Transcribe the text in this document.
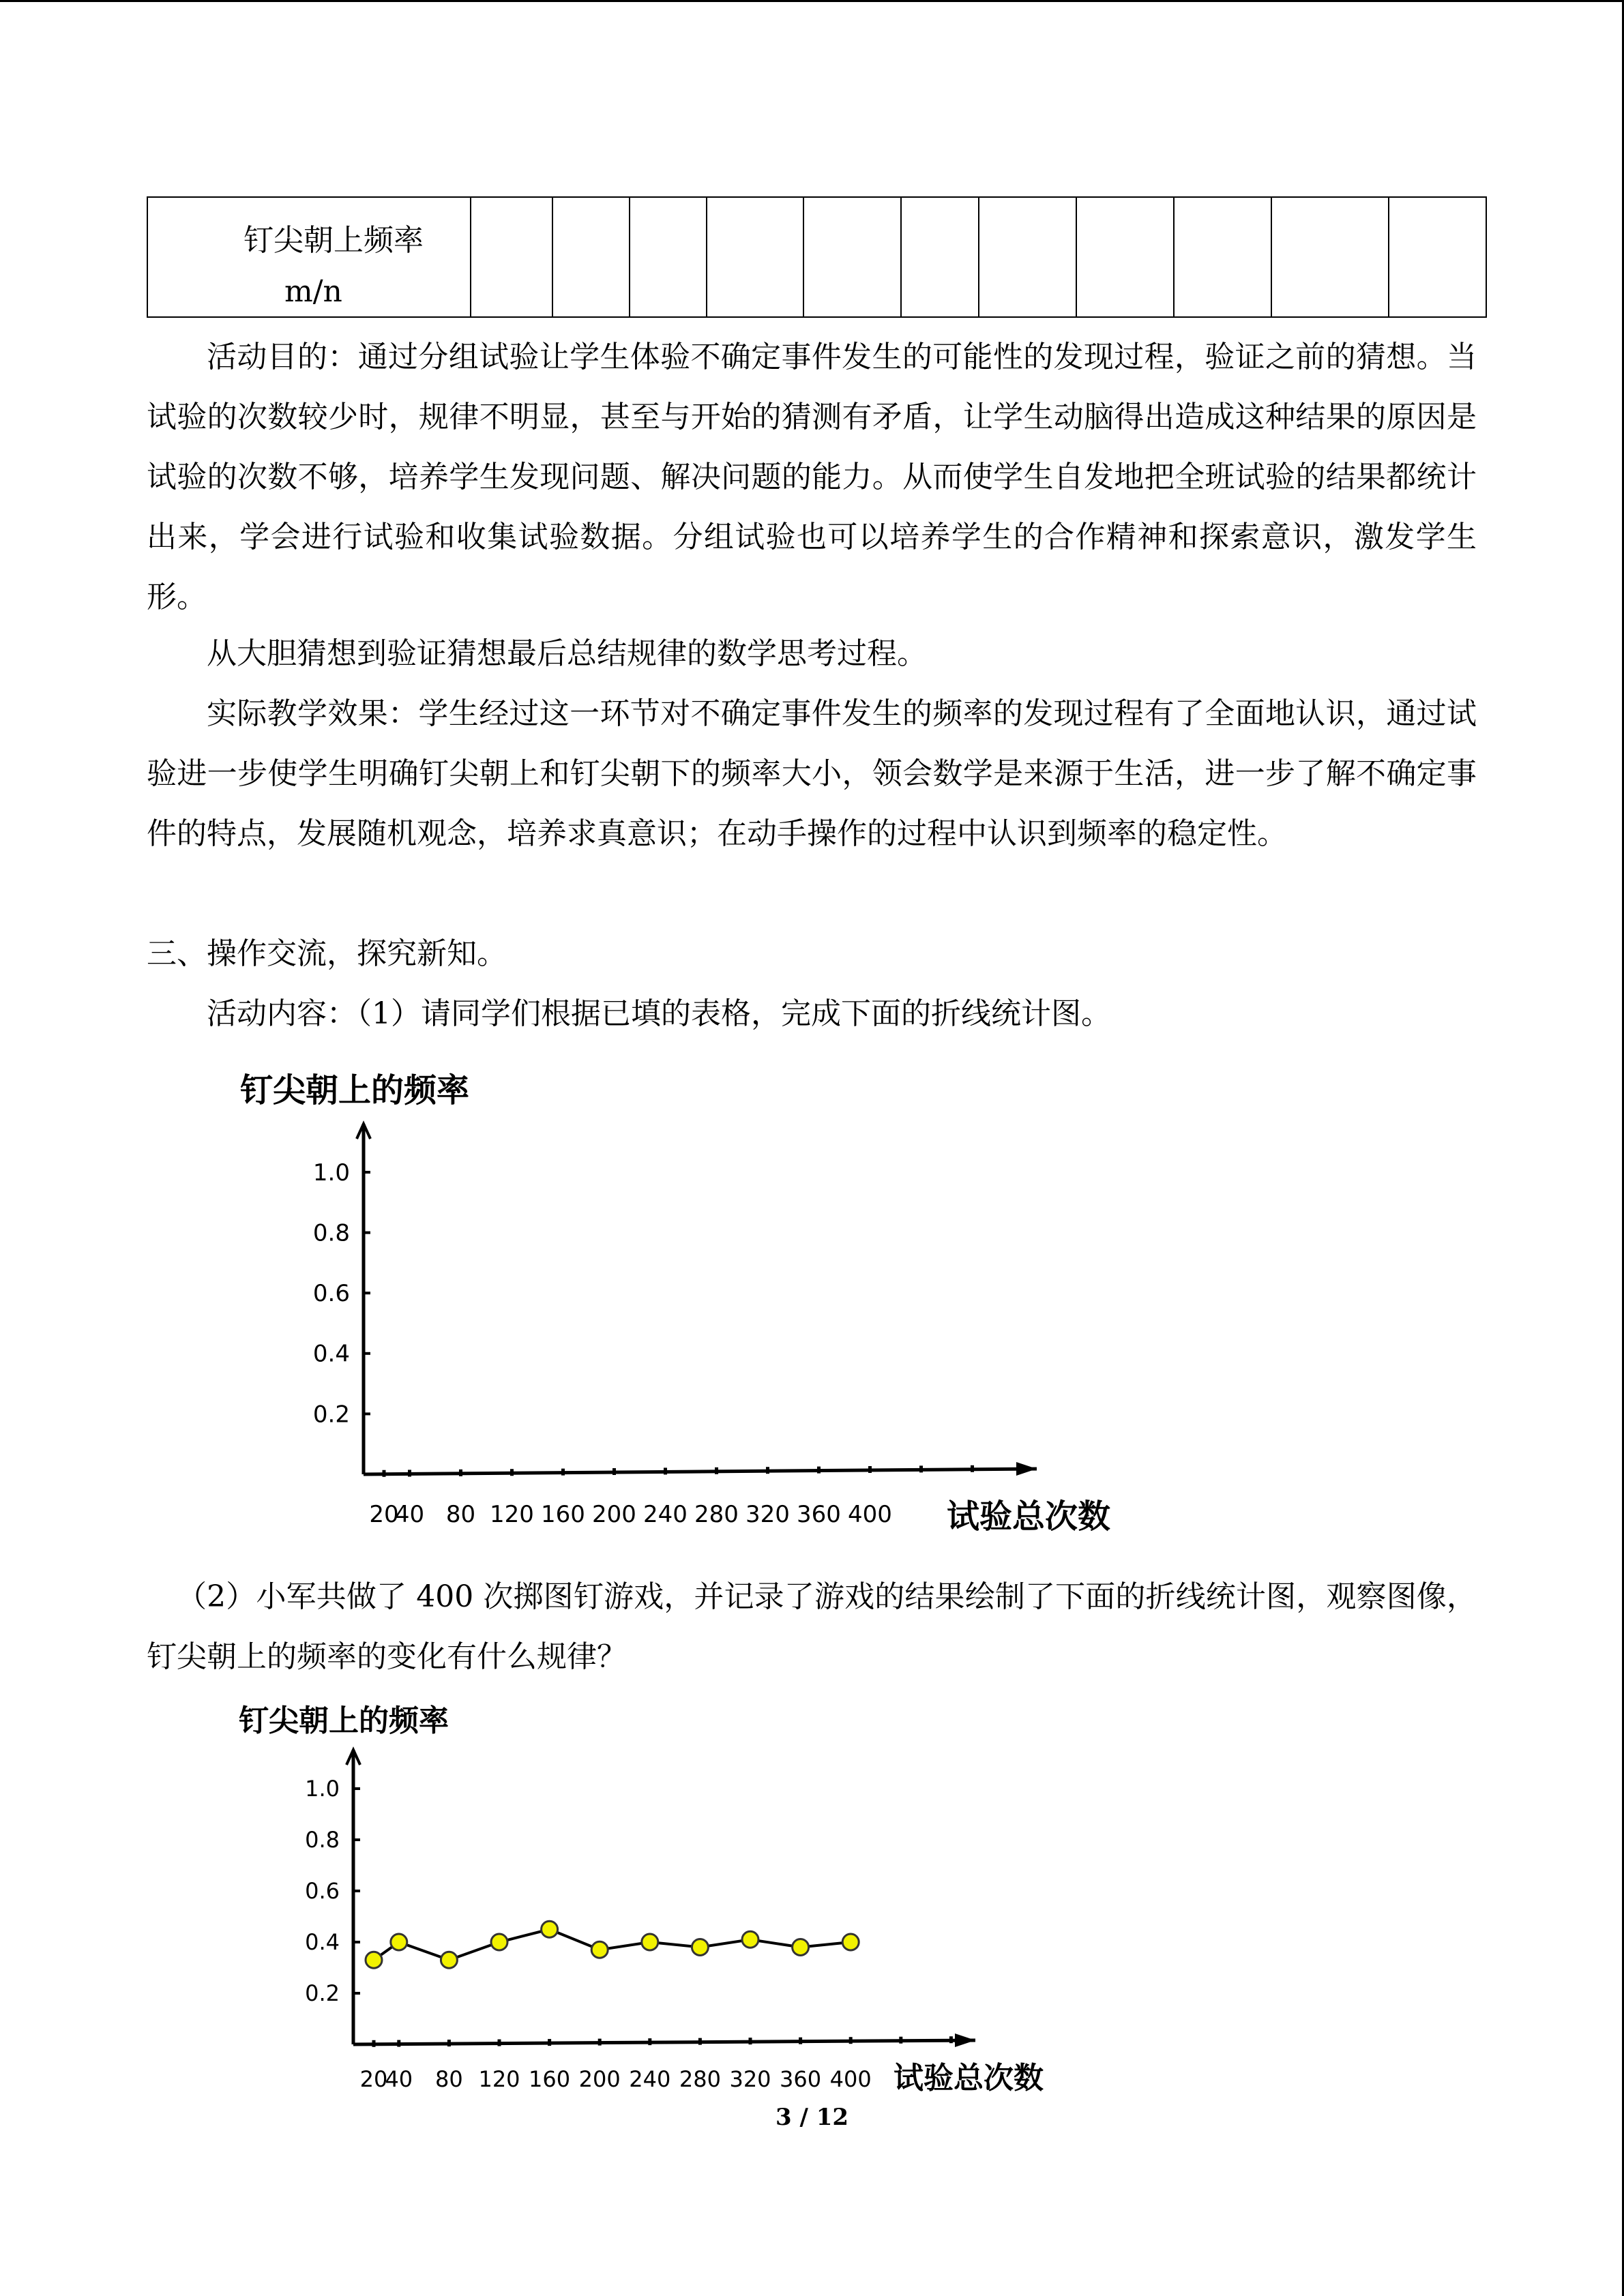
钉尖朝上频率
m/n

活动目的：通过分组试验让学生体验不确定事件发生的可能性的发现过程，验证之前的猜想。当试验的次数较少时，规律不明显，甚至与开始的猜测有矛盾，让学生动脑得出造成这种结果的原因是试验的次数不够，培养学生发现问题、解决问题的能力。从而使学生自发地把全班试验的结果都统计出来，学会进行试验和收集试验数据。分组试验也可以培养学生的合作精神和探索意识，激发学生形。

从大胆猜想到验证猜想最后总结规律的数学思考过程。

实际教学效果：学生经过这一环节对不确定事件发生的频率的发现过程有了全面地认识，通过试验进一步使学生明确钉尖朝上和钉尖朝下的频率大小，领会数学是来源于生活，进一步了解不确定事件的特点，发展随机观念，培养求真意识；在动手操作的过程中认识到频率的稳定性。

三、操作交流，探究新知。

活动内容：（1）请同学们根据已填的表格，完成下面的折线统计图。

钉尖朝上的频率
1.0
0.8
0.6
0.4
0.2
20
40 80 120 160 200 240 280 320 360 400 试验总次数

（2）小军共做了 400 次掷图钉游戏，并记录了游戏的结果绘制了下面的折线统计图，观察图像，钉尖朝上的频率的变化有什么规律？

钉尖朝上的频率
1.0
0.8
0.6
0.4
0.2
20
40 80 120 160 200 240 280 320 360 400 试验总次数
3 / 12
